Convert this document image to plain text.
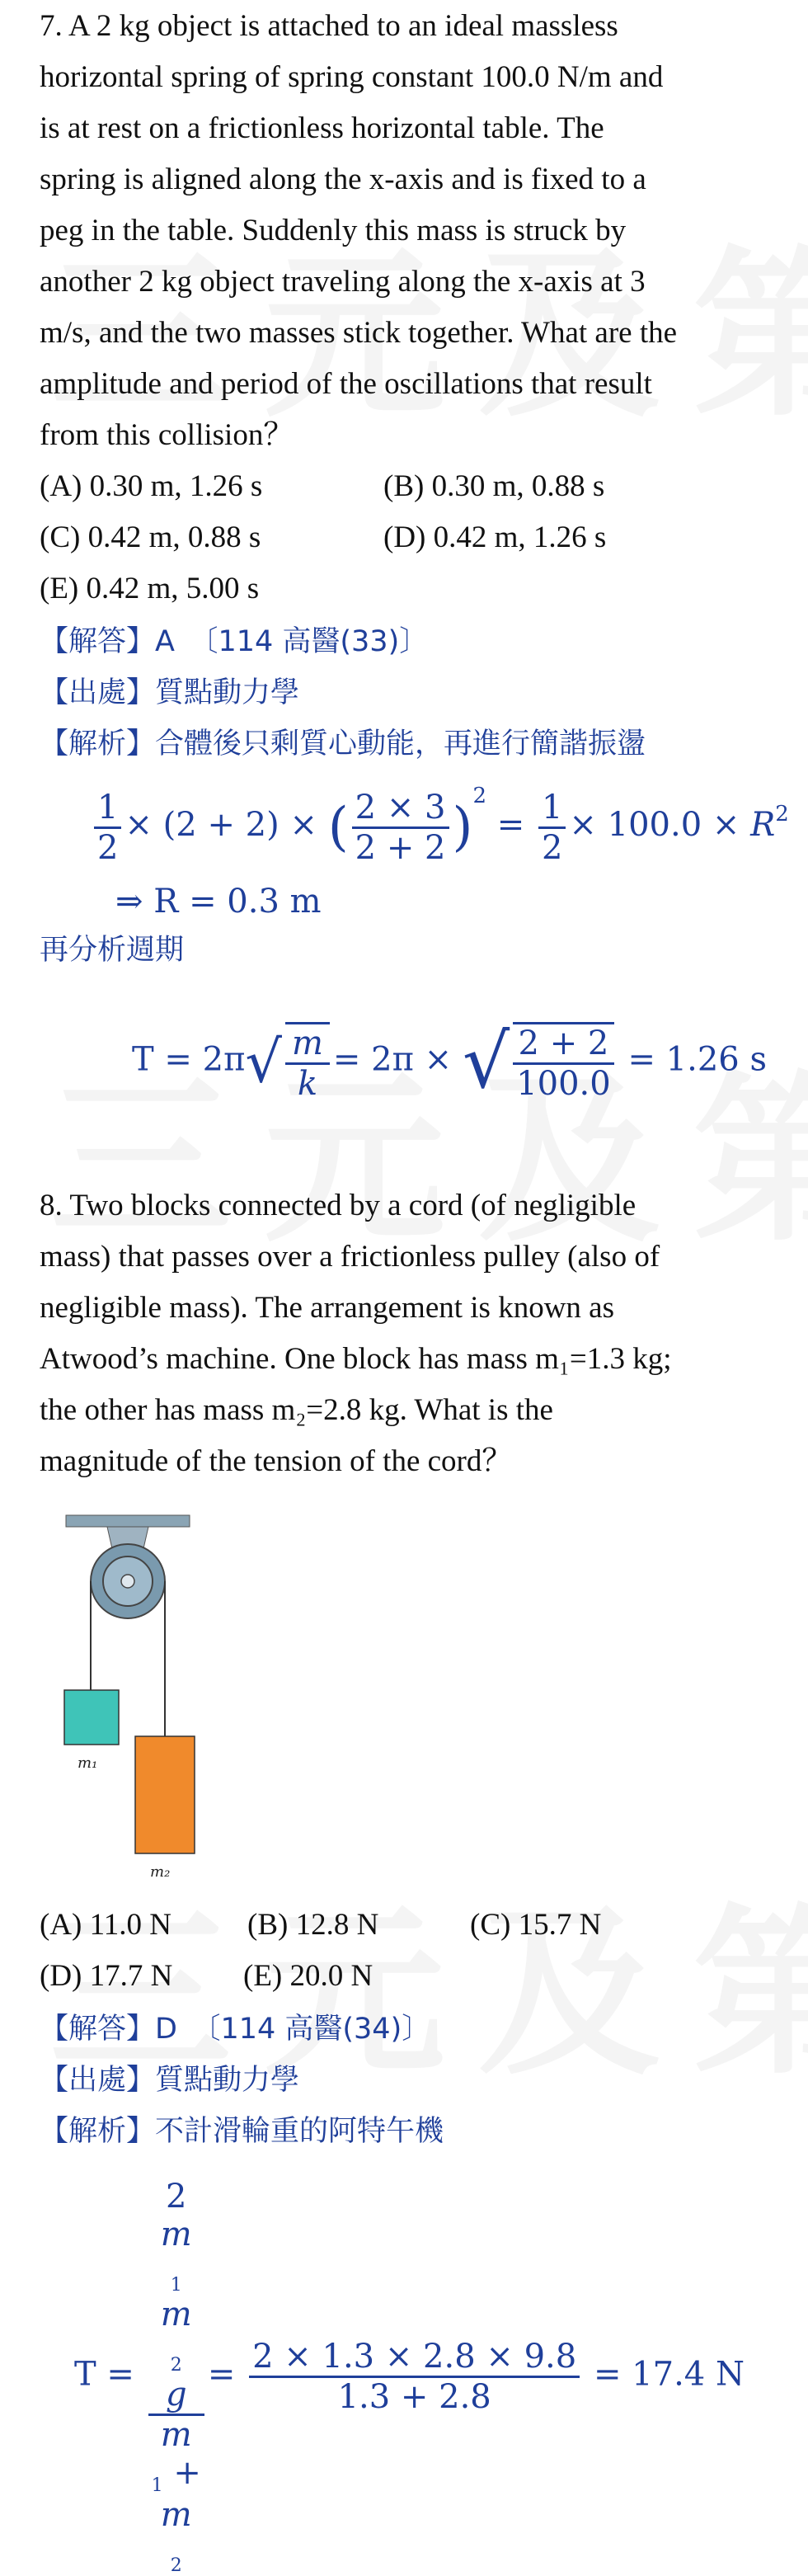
7. A 2 kg object is attached to an ideal massless
horizontal spring of spring constant 100.0 N/m and
is at rest on a frictionless horizontal table. The
spring is aligned along the x-axis and is fixed to a
peg in the table. Suddenly this mass is struck by
another 2 kg object traveling along the x-axis at 3
m/s, and the two masses stick together. What are the
amplitude and period of the oscillations that result
from this collision？
(A) 0.30 m, 1.26 s	(B) 0.30 m, 0.88 s
(C) 0.42 m, 0.88 s	(D) 0.42 m, 1.26 s
(E) 0.42 m, 5.00 s
【解答】A　〔114 高醫(33)〕
【出處】質點動力學
【解析】合體後只剩質心動能，再進行簡諧振盪
$\frac{1}{2} \times (2 + 2)$ × ( $\frac{2 \times 3}{2 + 2} )^2 = \frac{1}{2} \times 100.0 \times R^2$
⇒ R = 0.3 m
再分析週期
$T = 2\pi√ \frac{m}{k} = 2\pi$ × √ $\frac{2 + 2}{100.0} = 1.26$ s
8. Two blocks connected by a cord (of negligible
mass) that passes over a frictionless pulley (also of
negligible mass). The arrangement is known as
Atwood’s machine. One block has mass m₁=1.3 kg;
the other has mass m₂=2.8 kg. What is the
magnitude of the tension of the cord？
m₁
m₂
(A) 11.0 N (B) 12.8 N	(C) 15.7 N
(D) 17.7 N (E) 20.0 N
【解答】D　〔114 高醫(34)〕
【出處】質點動力學
【解析】不計滑輪重的阿特午機
T = 2
m
$_1$
m
$_2$
g
m
$_1$ +
m
$_2 = \frac{2 \times 1.3 \times 2.8 \times 9.8}{1.3 + 2.8} = 17.4$ N
